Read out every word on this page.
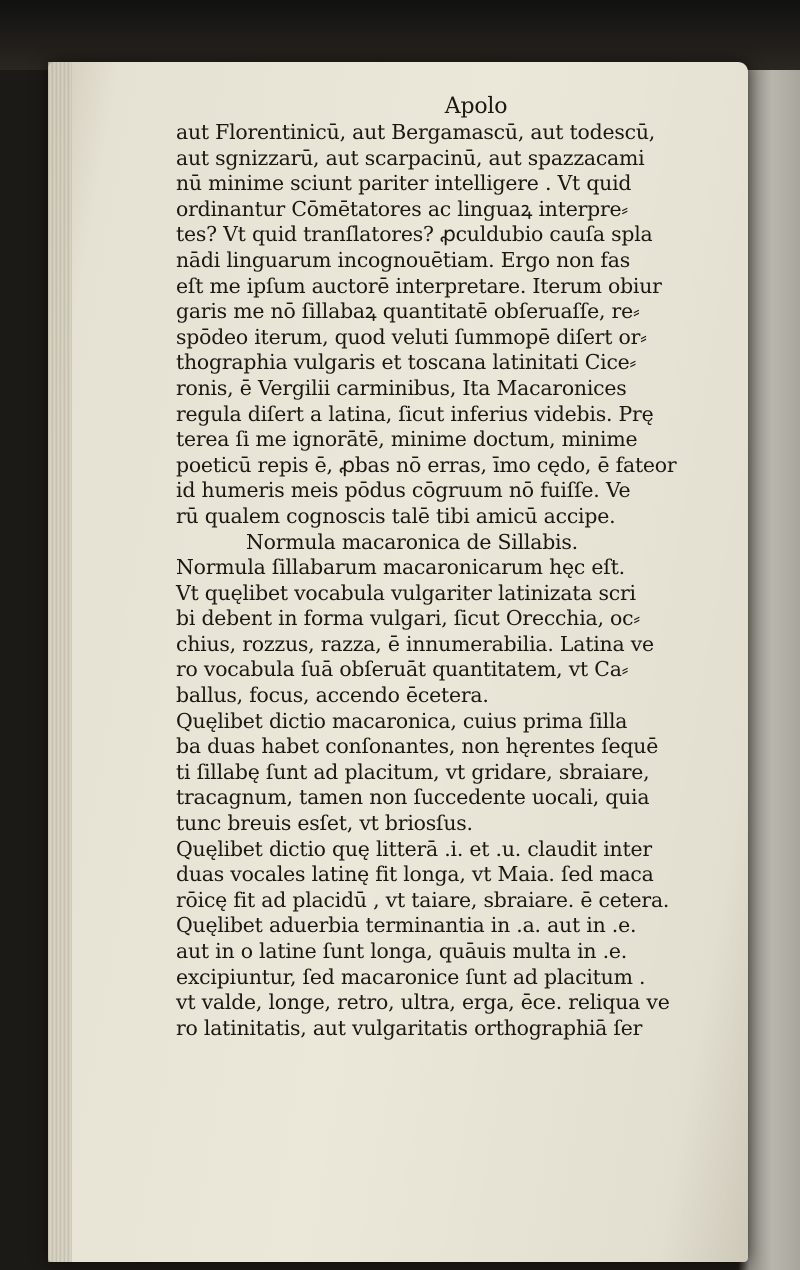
Apolo
aut Florentinicū, aut Bergamascū, aut todescū,
aut sgnizzarū, aut scarpacinū, aut spazzacami
nū minime sciunt pariter intelligere . Vt quid
ordinantur Cōmētatores ac linguaꝝ interpre⸗
tes? Vt quid tranſlatores? ꝓculdubio cauſa spla
nādi linguarum incognouētiam. Ergo non fas
eſt me ipſum auctorē interpretare. Iterum obiur
garis me nō ſillabaꝝ quantitatē obſeruaſſe, re⸗
spōdeo iterum, quod veluti ſummopē diſert or⸗
thographia vulgaris et toscana latinitati Cice⸗
ronis, ē Vergilii carminibus, Ita Macaronices
regula diſert a latina, ſicut inferius videbis. Prę
terea ſi me ignorātē, minime doctum, minime
poeticū repis ē, ꝓbas nō erras, īmo cędo, ē fateor
id humeris meis pōdus cōgruum nō fuiſſe. Ve
rū qualem cognoscis talē tibi amicū accipe.
Normula macaronica de Sillabis.
Normula ſillabarum macaronicarum hęc eſt.
Vt quęlibet vocabula vulgariter latinizata scri
bi debent in forma vulgari, ſicut Orecchia, oc⸗
chius, rozzus, razza, ē innumerabilia. Latina ve
ro vocabula ſuā obſeruāt quantitatem, vt Ca⸗
ballus, focus, accendo ēcetera.
Quęlibet dictio macaronica, cuius prima ſilla
ba duas habet conſonantes, non hęrentes ſequē
ti ſillabę ſunt ad placitum, vt gridare, sbraiare,
tracagnum, tamen non ſuccedente uocali, quia
tunc breuis esſet, vt briosſus.
Quęlibet dictio quę litterā .i. et .u. claudit inter
duas vocales latinę fit longa, vt Maia. ſed maca
rōicę fit ad placidū , vt taiare, sbraiare. ē cetera.
Quęlibet aduerbia terminantia in .a. aut in .e.
aut in o latine ſunt longa, quāuis multa in .e.
excipiuntur, ſed macaronice ſunt ad placitum .
vt valde, longe, retro, ultra, erga, ēce. reliqua ve
ro latinitatis, aut vulgaritatis orthographiā ſer
